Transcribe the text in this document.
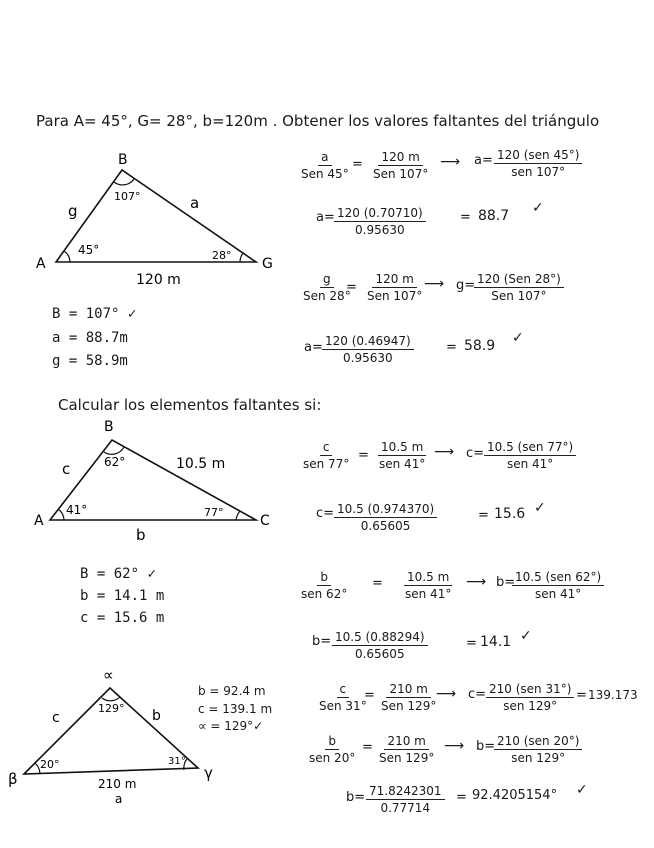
Para A= 45°, G= 28°, b=120m . Obtener los valores faltantes del triángulo
Calcular los elementos faltantes si:
A
B
G
g	a
120 m
45°
107°
28°
A
B
C
c	10.5 m
b
41°
62°
77°
∝
β	γ
c	b
210 m
a
129°
20°	31°
B = 107° ✓
a = 88.7m
g = 58.9m
B = 62° ✓
b = 14.1 m
c = 15.6 m
b = 92.4 m
c = 139.1 m
∝ = 129°✓
a
Sen 45°
= 120 m
Sen 107°
⟶ a= 120 (sen 45°)
sen 107°
$a= \frac{120 (0.70710)}{0.95630}$	= 88.7 ✓
g
Sen 28°
=
120 m
Sen 107°
⟶ g= 120 (Sen 28°)
Sen 107°
$a= \frac{120 (0.46947)}{0.95630} = 58.9$ ✓
c
sen 77°
=
10.5 m
sen 41°
⟶ c= 10.5 (sen 77°)
sen 41°
$c= \frac{10.5 (0.974370)}{0.65605}$	= 15.6 ✓
b
sen 62°
= 10.5 m
sen 41°
⟶ b= 10.5 (sen 62°)
sen 41°
$b= \frac{10.5 (0.88294)}{0.65605}$	= 14.1 ✓
c
Sen 31°
= 210 m
Sen 129°
⟶ c= 210 (sen 31°)
sen 129°
= 139.173
b
sen 20°
= 210 m
Sen 129°
⟶ b= 210 (sen 20°)
sen 129°
$b= \frac{71.8242301}{0.77714} = 92.4205154^\circ$ ✓
